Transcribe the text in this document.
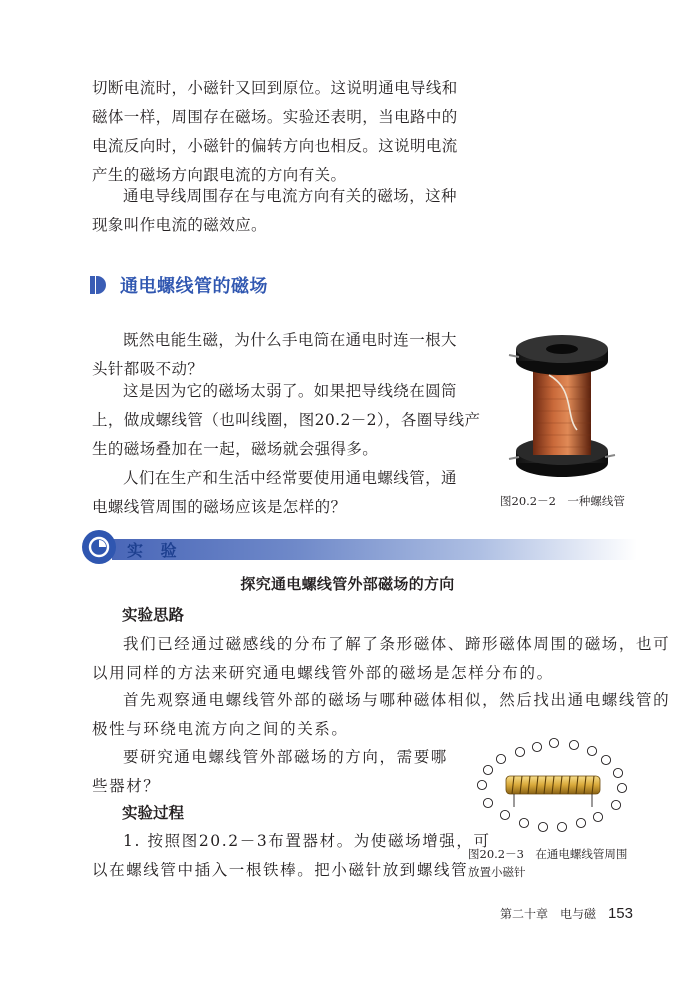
切断电流时，小磁针又回到原位。这说明通电导线和
磁体一样，周围存在磁场。实验还表明，当电路中的
电流反向时，小磁针的偏转方向也相反。这说明电流
产生的磁场方向跟电流的方向有关。

通电导线周围存在与电流方向有关的磁场，这种
现象叫作电流的磁效应。

通电螺线管的磁场

既然电能生磁，为什么手电筒在通电时连一根大
头针都吸不动？

这是因为它的磁场太弱了。如果把导线绕在圆筒
上，做成螺线管（也叫线圈，图20.2－2），各圈导线产
生的磁场叠加在一起，磁场就会强得多。

人们在生产和生活中经常要使用通电螺线管，通
电螺线管周围的磁场应该是怎样的？	图20.2－2　一种螺线管
实 验
探究通电螺线管外部磁场的方向
实验思路

我们已经通过磁感线的分布了解了条形磁体、蹄形磁体周围的磁场，也可
以用同样的方法来研究通电螺线管外部的磁场是怎样分布的。

首先观察通电螺线管外部的磁场与哪种磁体相似，然后找出通电螺线管的
极性与环绕电流方向之间的关系。

要研究通电螺线管外部磁场的方向，需要哪
些器材？

实验过程

1. 按照图20.2－3布置器材。为使磁场增强，可
以在螺线管中插入一根铁棒。把小磁针放到螺线管

图20.2－3　在通电螺线管周围
放置小磁针
第二十章　电与磁 153
